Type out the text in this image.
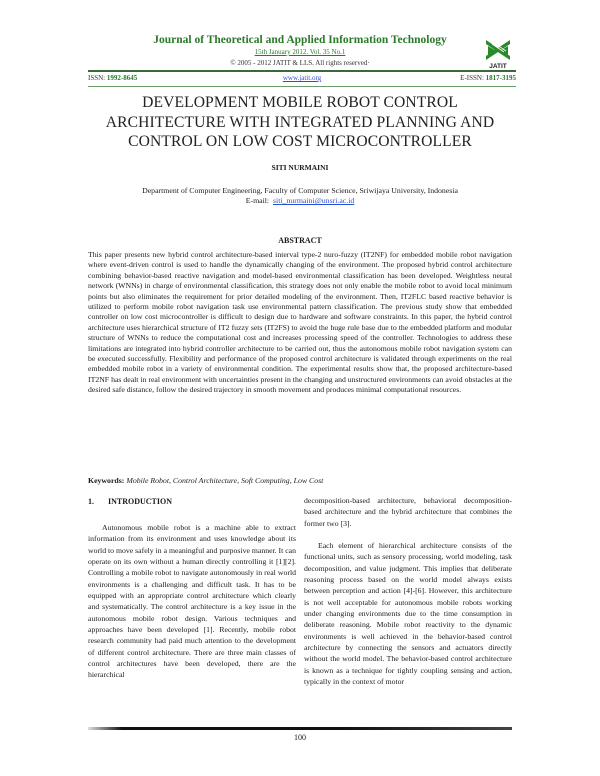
Journal of Theoretical and Applied Information Technology
15th January 2012. Vol. 35 No.1
© 2005 - 2012 JATIT & LLS. All rights reserved·	JATIT
ISSN: 1992-8645	www.jatit.org	E-ISSN: 1817-3195
DEVELOPMENT MOBILE ROBOT CONTROL
ARCHITECTURE WITH INTEGRATED PLANNING AND
CONTROL ON LOW COST MICROCONTROLLER
SITI NURMAINI
Department of Computer Engineering, Faculty of Computer Science, Sriwijaya University, Indonesia
E-mail: siti_nurmaini@unsri.ac.id
ABSTRACT
This paper presents new hybrid control architecture-based interval type-2 nuro-fuzzy (IT2NF) for embedded mobile robot navigation where event-driven control is used to handle the dynamically changing of the environment. The proposed hybrid control architecture combining behavior-based reactive navigation and model-based environmental classification has been developed. Weightless neural network (WNNs) in charge of environmental classification, this strategy does not only enable the mobile robot to avoid local minimum points but also eliminates the requirement for prior detailed modeling of the environment. Then, IT2FLC based reactive behavior is utilized to perform mobile robot navigation task use environmental pattern classification. The previous study show that embedded controller on low cost microcontroller is difficult to design due to hardware and software constraints. In this paper, the hybrid control architecture uses hierarchical structure of IT2 fuzzy sets (IT2FS) to avoid the huge rule base due to the embedded platform and modular structure of WNNs to reduce the computational cost and increases processing speed of the controller. Technologies to address these limitations are integrated into hybrid controller architecture to be carried out, thus the autonomous mobile robot navigation system can be executed successfully. Flexibility and performance of the proposed control architecture is validated through experiments on the real embedded mobile robot in a variety of environmental condition. The experimental results show that, the proposed architecture-based IT2NF has dealt in real environment with uncertainties present in the changing and unstructured environments can avoid obstacles at the desired safe distance, follow the desired trajectory in smooth movement and produces minimal computational resources.
Keywords: Mobile Robot, Control Architecture, Soft Computing, Low Cost
1. INTRODUCTION

Autonomous mobile robot is a machine able to extract information from its environment and uses knowledge about its world to move safely in a meaningful and purposive manner. It can operate on its own without a human directly controlling it [1][2]. Controlling a mobile robot to navigate autonomously in real world environments is a challenging and difficult task. It has to be equipped with an appropriate control architecture which clearly and systematically. The control architecture is a key issue in the autonomous mobile robot design. Various techniques and approaches have been developed [1]. Recently, mobile robot research community had paid much attention to the development of different control architecture. There are three main classes of control architectures have been developed, there are the hierarchical

decomposition-based architecture, behavioral decomposition-based architecture and the hybrid architecture that combines the former two [3].

Each element of hierarchical architecture consists of the functional units, such as sensory processing, world modeling, task decomposition, and value judgment. This implies that deliberate reasoning process based on the world model always exists between perception and action [4]-[6]. However, this architecture is not well acceptable for autonomous mobile robots working under changing environments due to the time consumption in deliberate reasoning. Mobile robot reactivity to the dynamic environments is well achieved in the behavior-based control architecture by connecting the sensors and actuators directly without the world model. The behavior-based control architecture is known as a technique for tightly coupling sensing and action, typically in the context of motor

100
